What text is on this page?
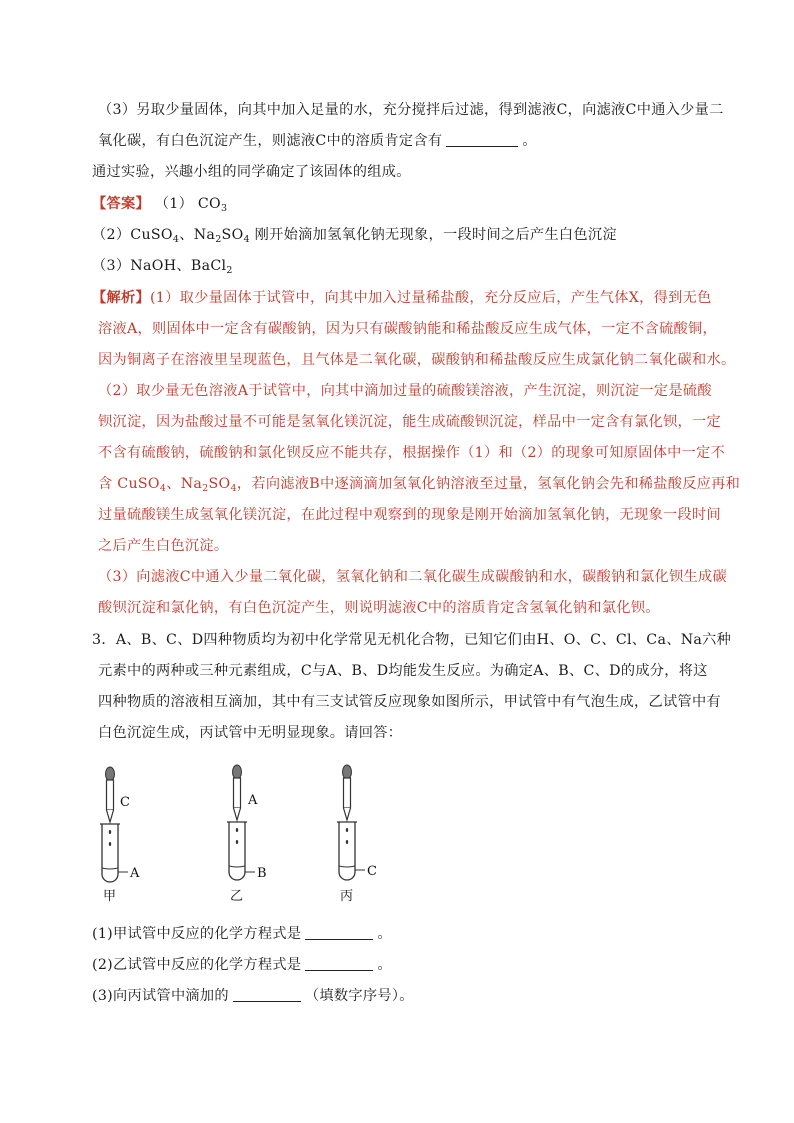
（3）另取少量固体，向其中加入足量的水，充分搅拌后过滤，得到滤液C，向滤液C中通入少量二
氧化碳，有白色沉淀产生，则滤液C中的溶质肯定含有	。
通过实验，兴趣小组的同学确定了该固体的组成。
【答案】 （1） $CO_3$
（2）CuSO$_4$、$Na_2SO_4$ 刚开始滴加氢氧化钠无现象，一段时间之后产生白色沉淀
（3）NaOH、BaCl$_2$
【解析】(1）取少量固体于试管中，向其中加入过量稀盐酸，充分反应后，产生气体X，得到无色
溶液A，则固体中一定含有碳酸钠，因为只有碳酸钠能和稀盐酸反应生成气体，一定不含硫酸铜，
因为铜离子在溶液里呈现蓝色，且气体是二氧化碳，碳酸钠和稀盐酸反应生成氯化钠二氧化碳和水。
（2）取少量无色溶液A于试管中，向其中滴加过量的硫酸镁溶液，产生沉淀，则沉淀一定是硫酸
钡沉淀，因为盐酸过量不可能是氢氧化镁沉淀，能生成硫酸钡沉淀，样品中一定含有氯化钡，一定
不含有硫酸钠，硫酸钠和氯化钡反应不能共存，根据操作（1）和（2）的现象可知原固体中一定不
含 CuSO$_4$、$Na_2SO_4$，若向滤液B中逐滴滴加氢氧化钠溶液至过量，氢氧化钠会先和稀盐酸反应再和
过量硫酸镁生成氢氧化镁沉淀，在此过程中观察到的现象是刚开始滴加氢氧化钠，无现象一段时间
之后产生白色沉淀。
（3）向滤液C中通入少量二氧化碳，氢氧化钠和二氧化碳生成碳酸钠和水，碳酸钠和氯化钡生成碳
酸钡沉淀和氯化钠，有白色沉淀产生，则说明滤液C中的溶质肯定含氢氧化钠和氯化钡。
3．A、B、C、D四种物质均为初中化学常见无机化合物，已知它们由H、O、C、Cl、Ca、Na六种
元素中的两种或三种元素组成，C与A、B、D均能发生反应。为确定A、B、C、D的成分，将这
四种物质的溶液相互滴加，其中有三支试管反应现象如图所示，甲试管中有气泡生成，乙试管中有
白色沉淀生成，丙试管中无明显现象。请回答：
C
A
甲
A
B
乙
C
丙
(1)甲试管中反应的化学方程式是	。
(2)乙试管中反应的化学方程式是	。
(3)向丙试管中滴加的	（填数字序号）。
